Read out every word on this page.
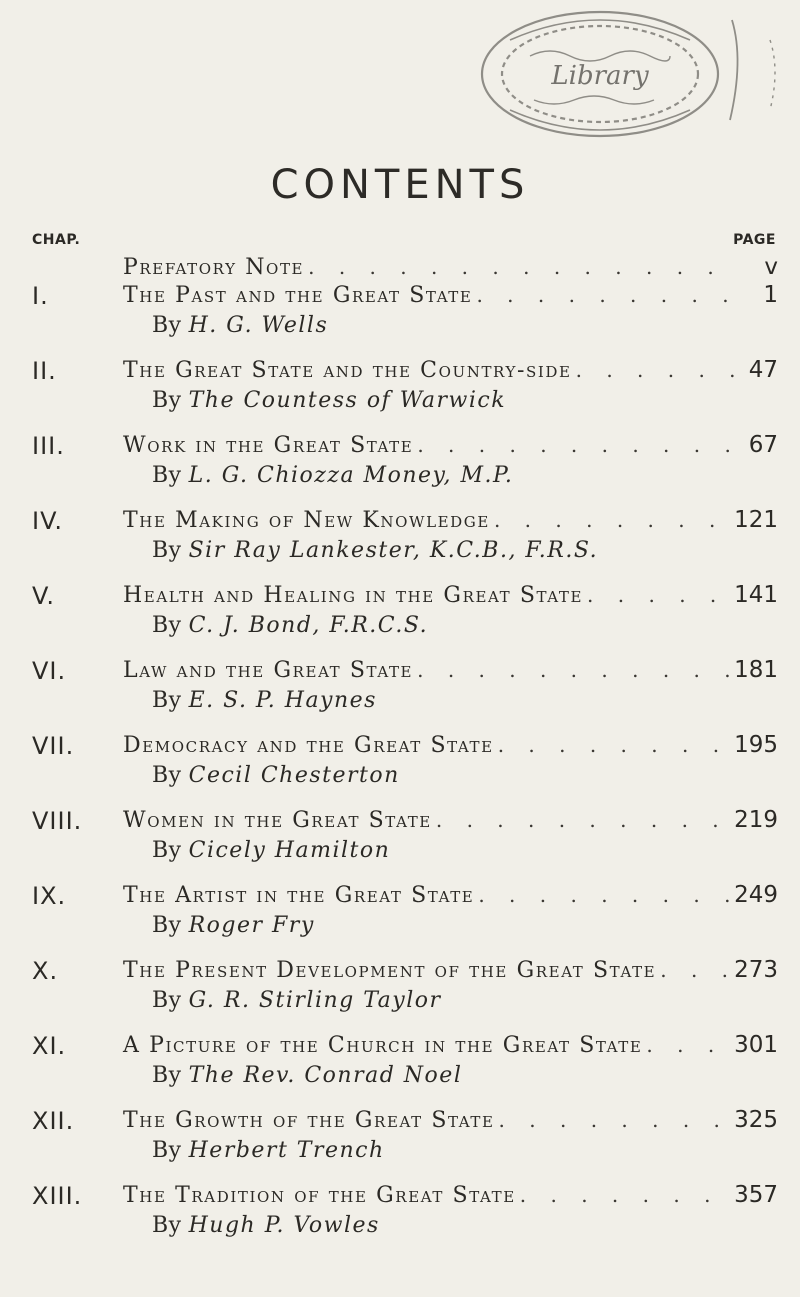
Library
CONTENTS
CHAP.	PAGE
Prefatory Note . . .	v
I.	The Past and the Great State . . .	1
By H. G. Wells
II.	The Great State and the Country-side . . .	47
By The Countess of Warwick
III.	Work in the Great State . . .	67
By L. G. Chiozza Money, M.P.
IV.	The Making of New Knowledge . . .	121
By Sir Ray Lankester, K.C.B., F.R.S.
V.	Health and Healing in the Great State . . .	141
By C. J. Bond, F.R.C.S.
VI.	Law and the Great State . . .	181
By E. S. P. Haynes
VII. Democracy and the Great State . . .	195
By Cecil Chesterton
VIII. Women in the Great State . . .	219
By Cicely Hamilton
IX.	The Artist in the Great State . . .	249
By Roger Fry
X.	The Present Development of the Great State . . .	273
By G. R. Stirling Taylor
XI.	A Picture of the Church in the Great State . . .	301
By The Rev. Conrad Noel
XII. The Growth of the Great State . . .	325
By Herbert Trench
XIII. The Tradition of the Great State . . .	357
By Hugh P. Vowles
